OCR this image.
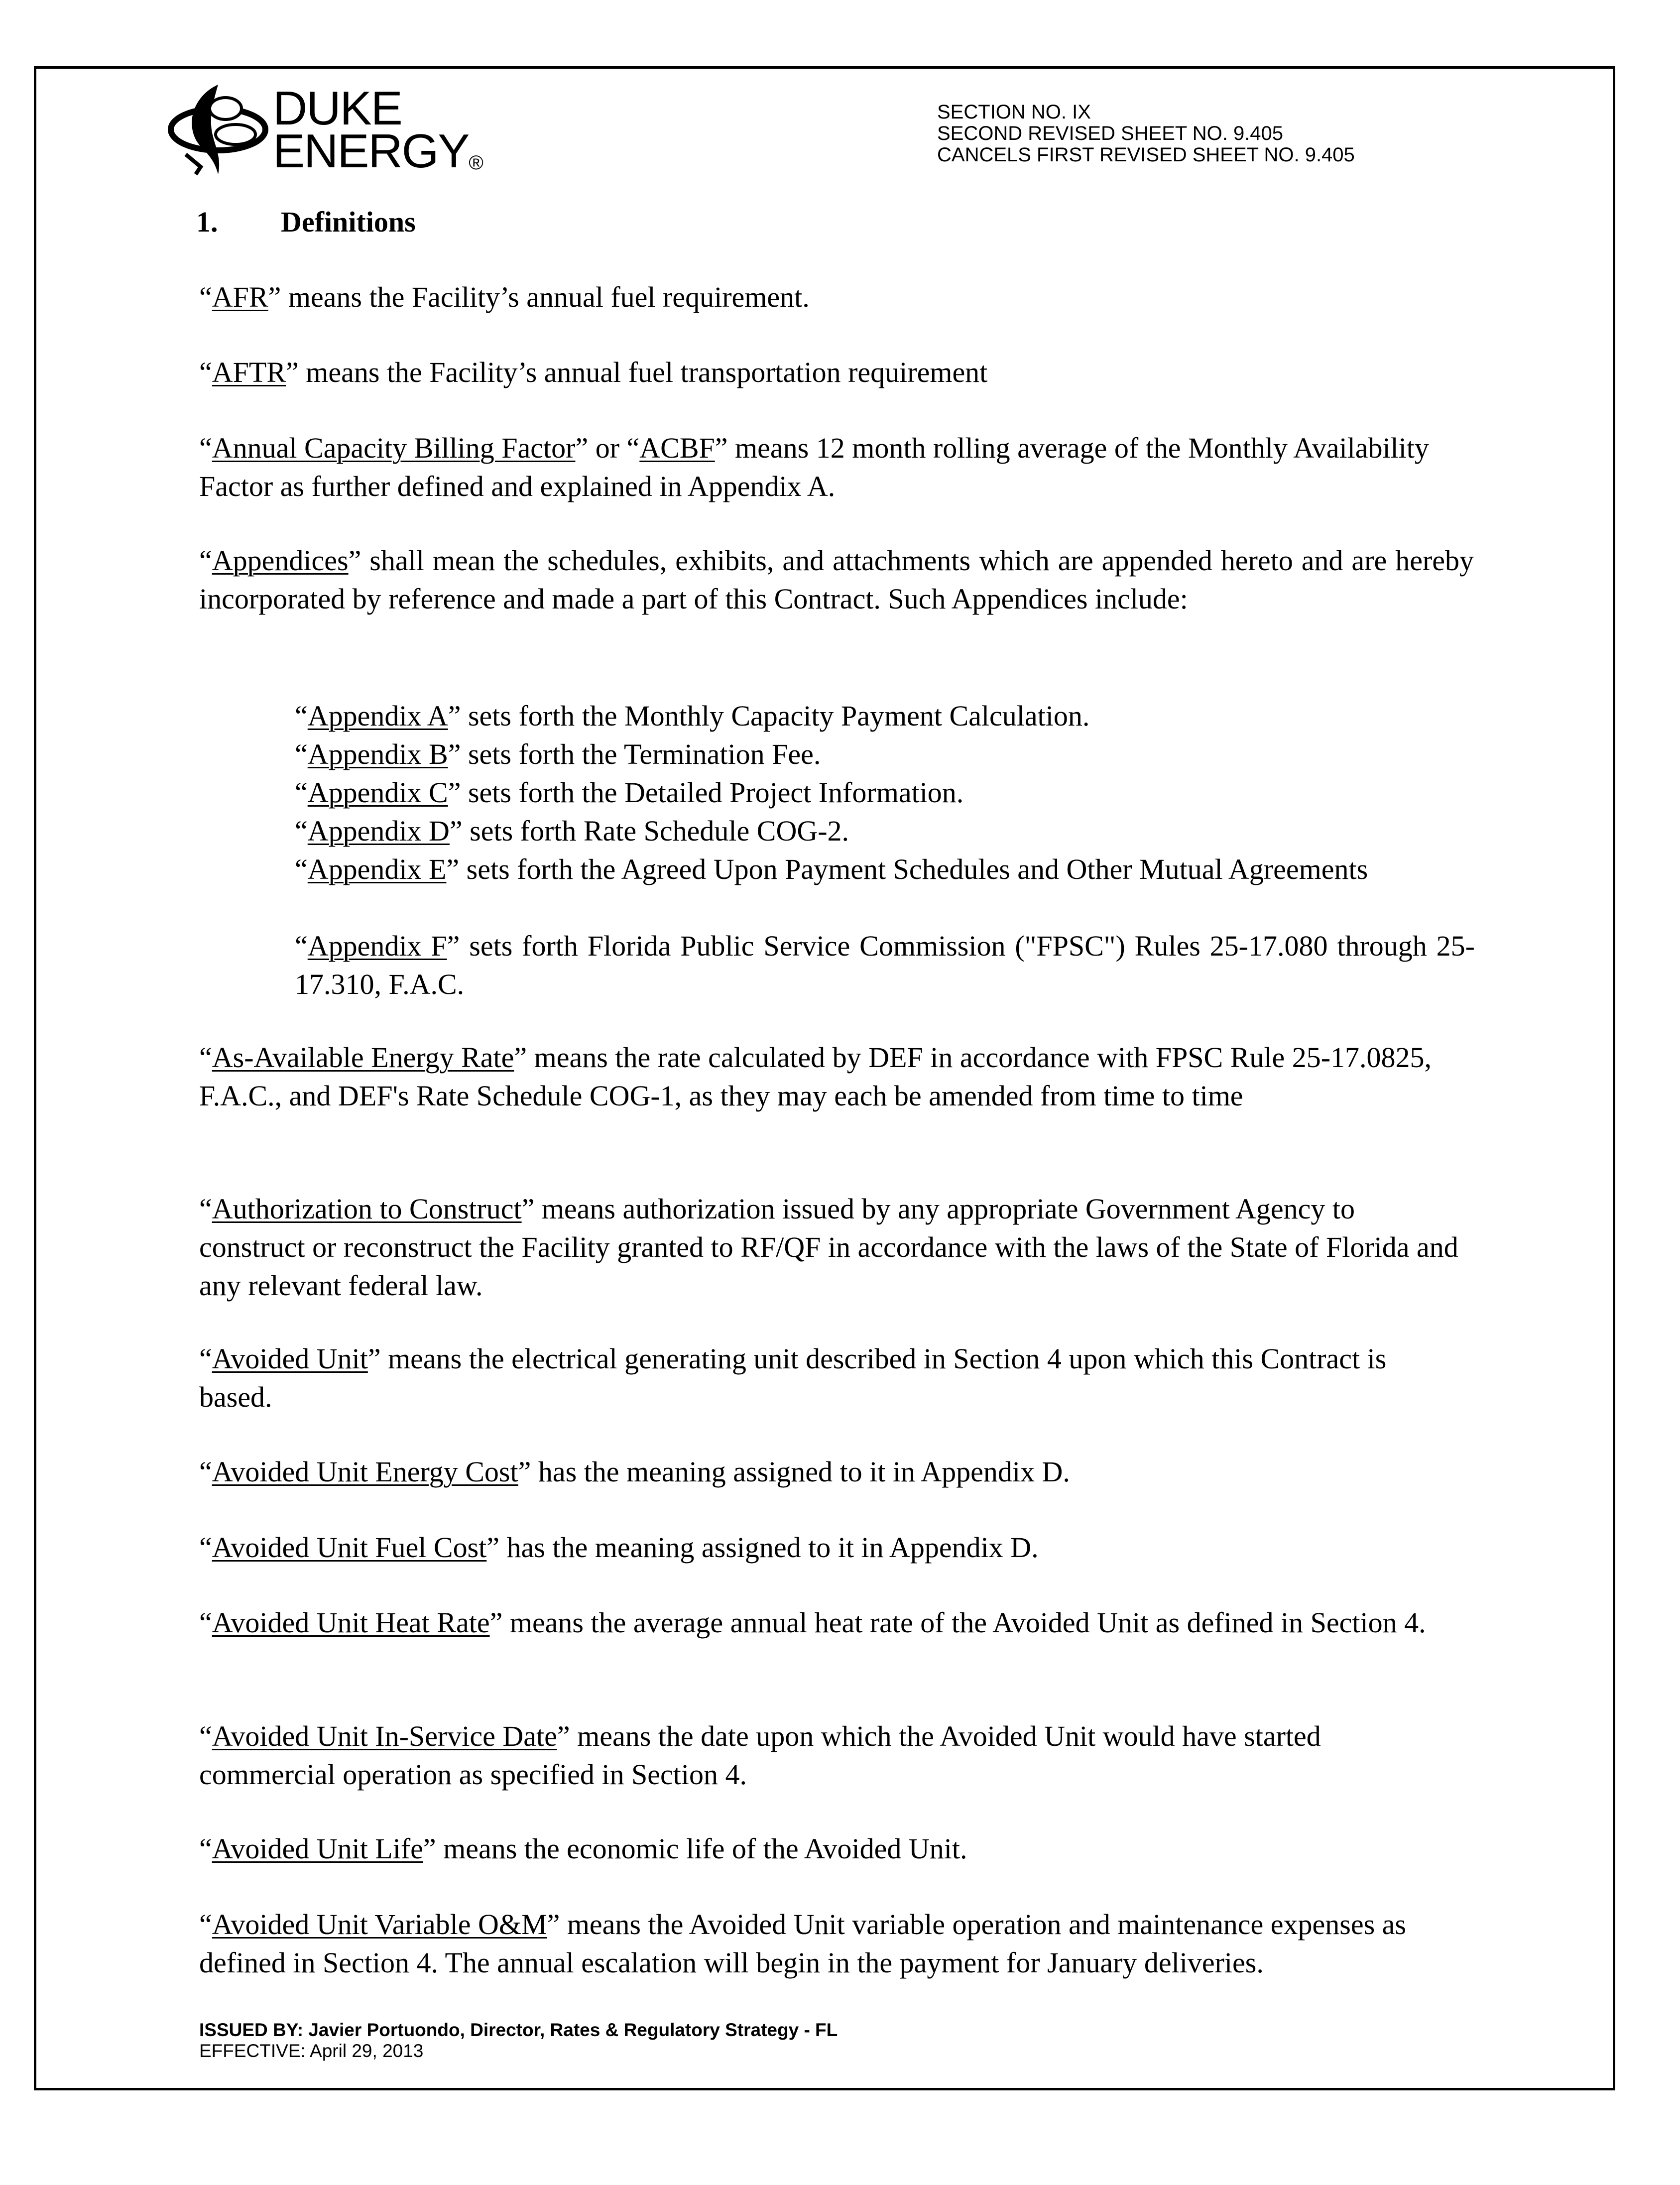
DUKE
ENERGY®
SECTION NO. IX
SECOND REVISED SHEET NO. 9.405
CANCELS FIRST REVISED SHEET NO. 9.405
1. Definitions
“AFR” means the Facility’s annual fuel requirement.
“AFTR” means the Facility’s annual fuel transportation requirement
“Annual Capacity Billing Factor” or “ACBF” means 12 month rolling average of the Monthly Availability Factor as further defined and explained in Appendix A.
“Appendices” shall mean the schedules, exhibits, and attachments which are appended hereto and are hereby incorporated by reference and made a part of this Contract. Such Appendices include:
“Appendix A” sets forth the Monthly Capacity Payment Calculation.
“Appendix B” sets forth the Termination Fee.
“Appendix C” sets forth the Detailed Project Information.
“Appendix D” sets forth Rate Schedule COG-2.
“Appendix E” sets forth the Agreed Upon Payment Schedules and Other Mutual Agreements
“Appendix F” sets forth Florida Public Service Commission ("FPSC") Rules 25-17.080 through 25-17.310, F.A.C.
“As-Available Energy Rate” means the rate calculated by DEF in accordance with FPSC Rule 25-17.0825, F.A.C., and DEF's Rate Schedule COG-1, as they may each be amended from time to time
“Authorization to Construct” means authorization issued by any appropriate Government Agency to construct or reconstruct the Facility granted to RF/QF in accordance with the laws of the State of Florida and any relevant federal law.
“Avoided Unit” means the electrical generating unit described in Section 4 upon which this Contract is based.
“Avoided Unit Energy Cost” has the meaning assigned to it in Appendix D.
“Avoided Unit Fuel Cost” has the meaning assigned to it in Appendix D.
“Avoided Unit Heat Rate” means the average annual heat rate of the Avoided Unit as defined in Section 4.
“Avoided Unit In-Service Date” means the date upon which the Avoided Unit would have started commercial operation as specified in Section 4.
“Avoided Unit Life” means the economic life of the Avoided Unit.
“Avoided Unit Variable O&M” means the Avoided Unit variable operation and maintenance expenses as defined in Section 4. The annual escalation will begin in the payment for January deliveries.
ISSUED BY: Javier Portuondo, Director, Rates & Regulatory Strategy - FL
EFFECTIVE: April 29, 2013
